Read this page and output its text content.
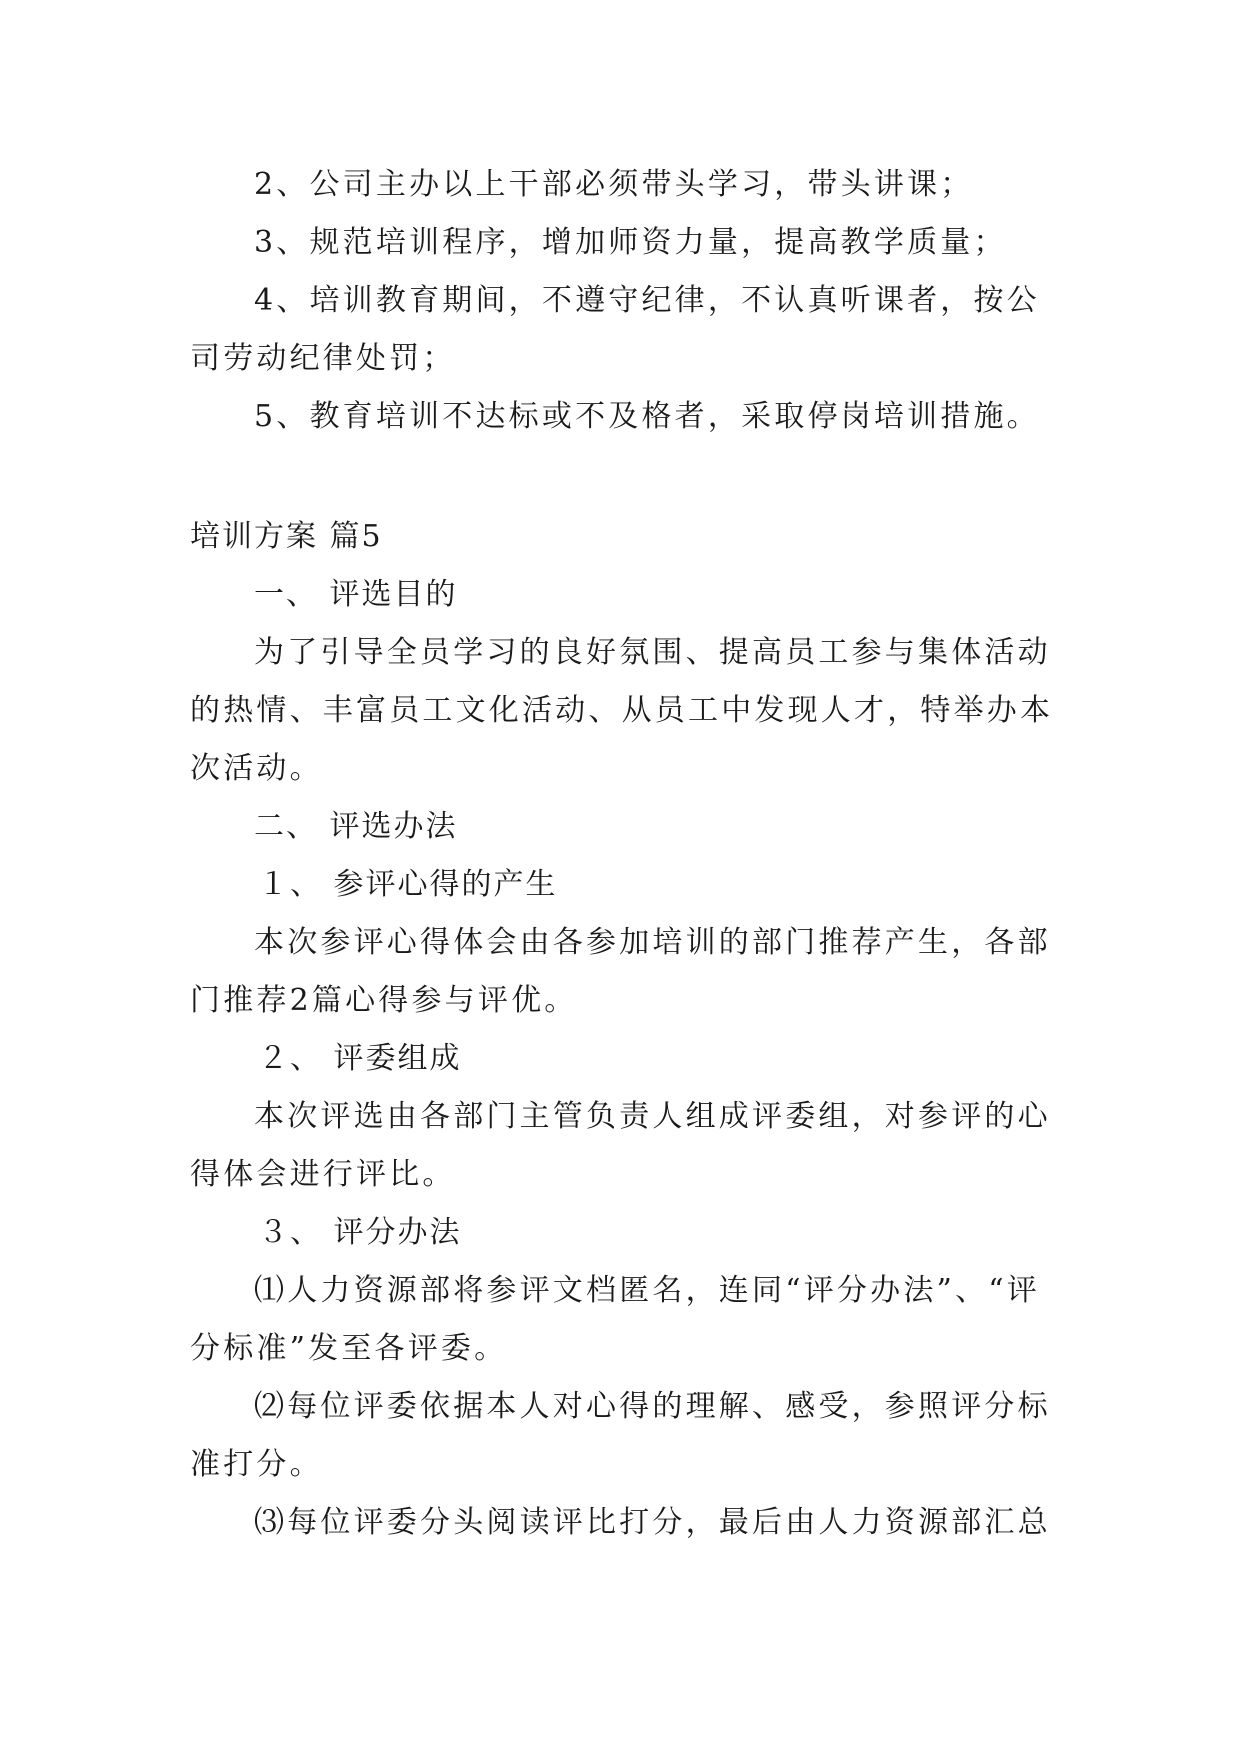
2、公司主办以上干部必须带头学习，带头讲课；
3、规范培训程序，增加师资力量，提高教学质量；
4、培训教育期间，不遵守纪律，不认真听课者，按公
司劳动纪律处罚；
5、教育培训不达标或不及格者，采取停岗培训措施。
培训方案 篇5
一、 评选目的
为了引导全员学习的良好氛围、提高员工参与集体活动
的热情、丰富员工文化活动、从员工中发现人才，特举办本
次活动。
二、 评选办法
１、 参评心得的产生
本次参评心得体会由各参加培训的部门推荐产生，各部
门推荐2篇心得参与评优。
２、 评委组成
本次评选由各部门主管负责人组成评委组，对参评的心
得体会进行评比。
３、 评分办法
⑴人力资源部将参评文档匿名，连同“评分办法”、“评
分标准”发至各评委。
⑵每位评委依据本人对心得的理解、感受，参照评分标
准打分。
⑶每位评委分头阅读评比打分，最后由人力资源部汇总
